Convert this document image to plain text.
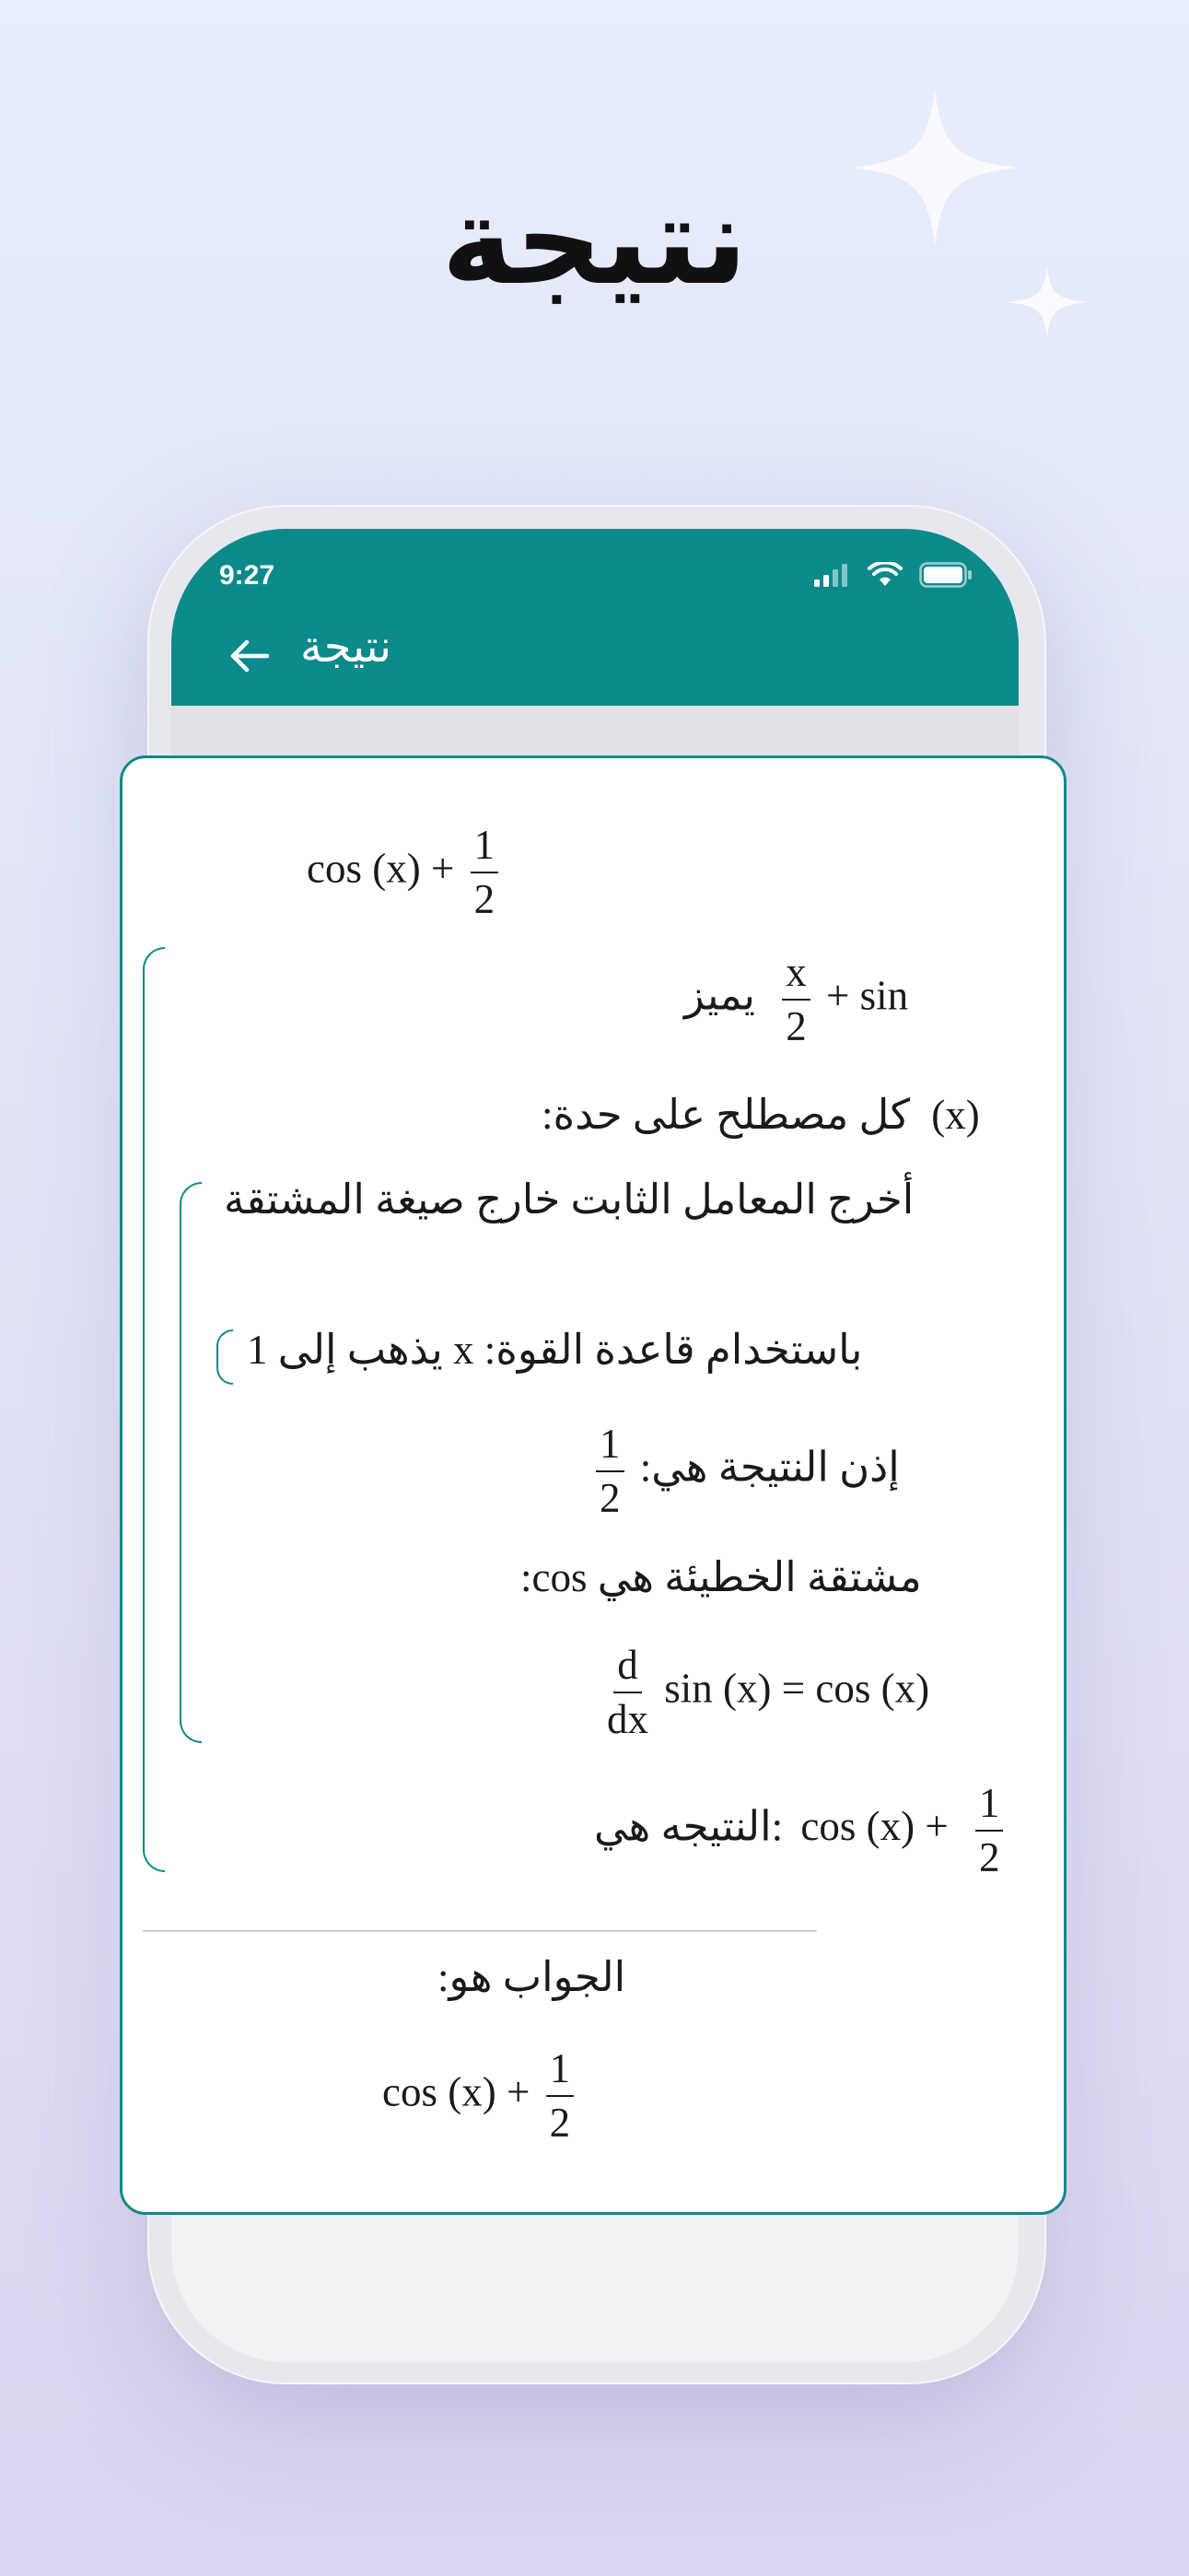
نتيجة
9:27
نتيجة
$\cos (x) + \frac{1}{2}$
يميز $\frac{x}{2} + \sin$
كل مصطلح على حدة: (x)
أخرج المعامل الثابت خارج صيغة المشتقة
باستخدام قاعدة القوة: x يذهب إلى 1
$\frac{1}{2}$ إذن النتيجة هي:
مشتقة الخطيئة هي cos:
$\frac{d}{dx}$ sin (x) = cos (x)
:النتيجه هي $\cos (x) + \frac{1}{2}$
الجواب هو:
$\cos (x) + \frac{1}{2}$
